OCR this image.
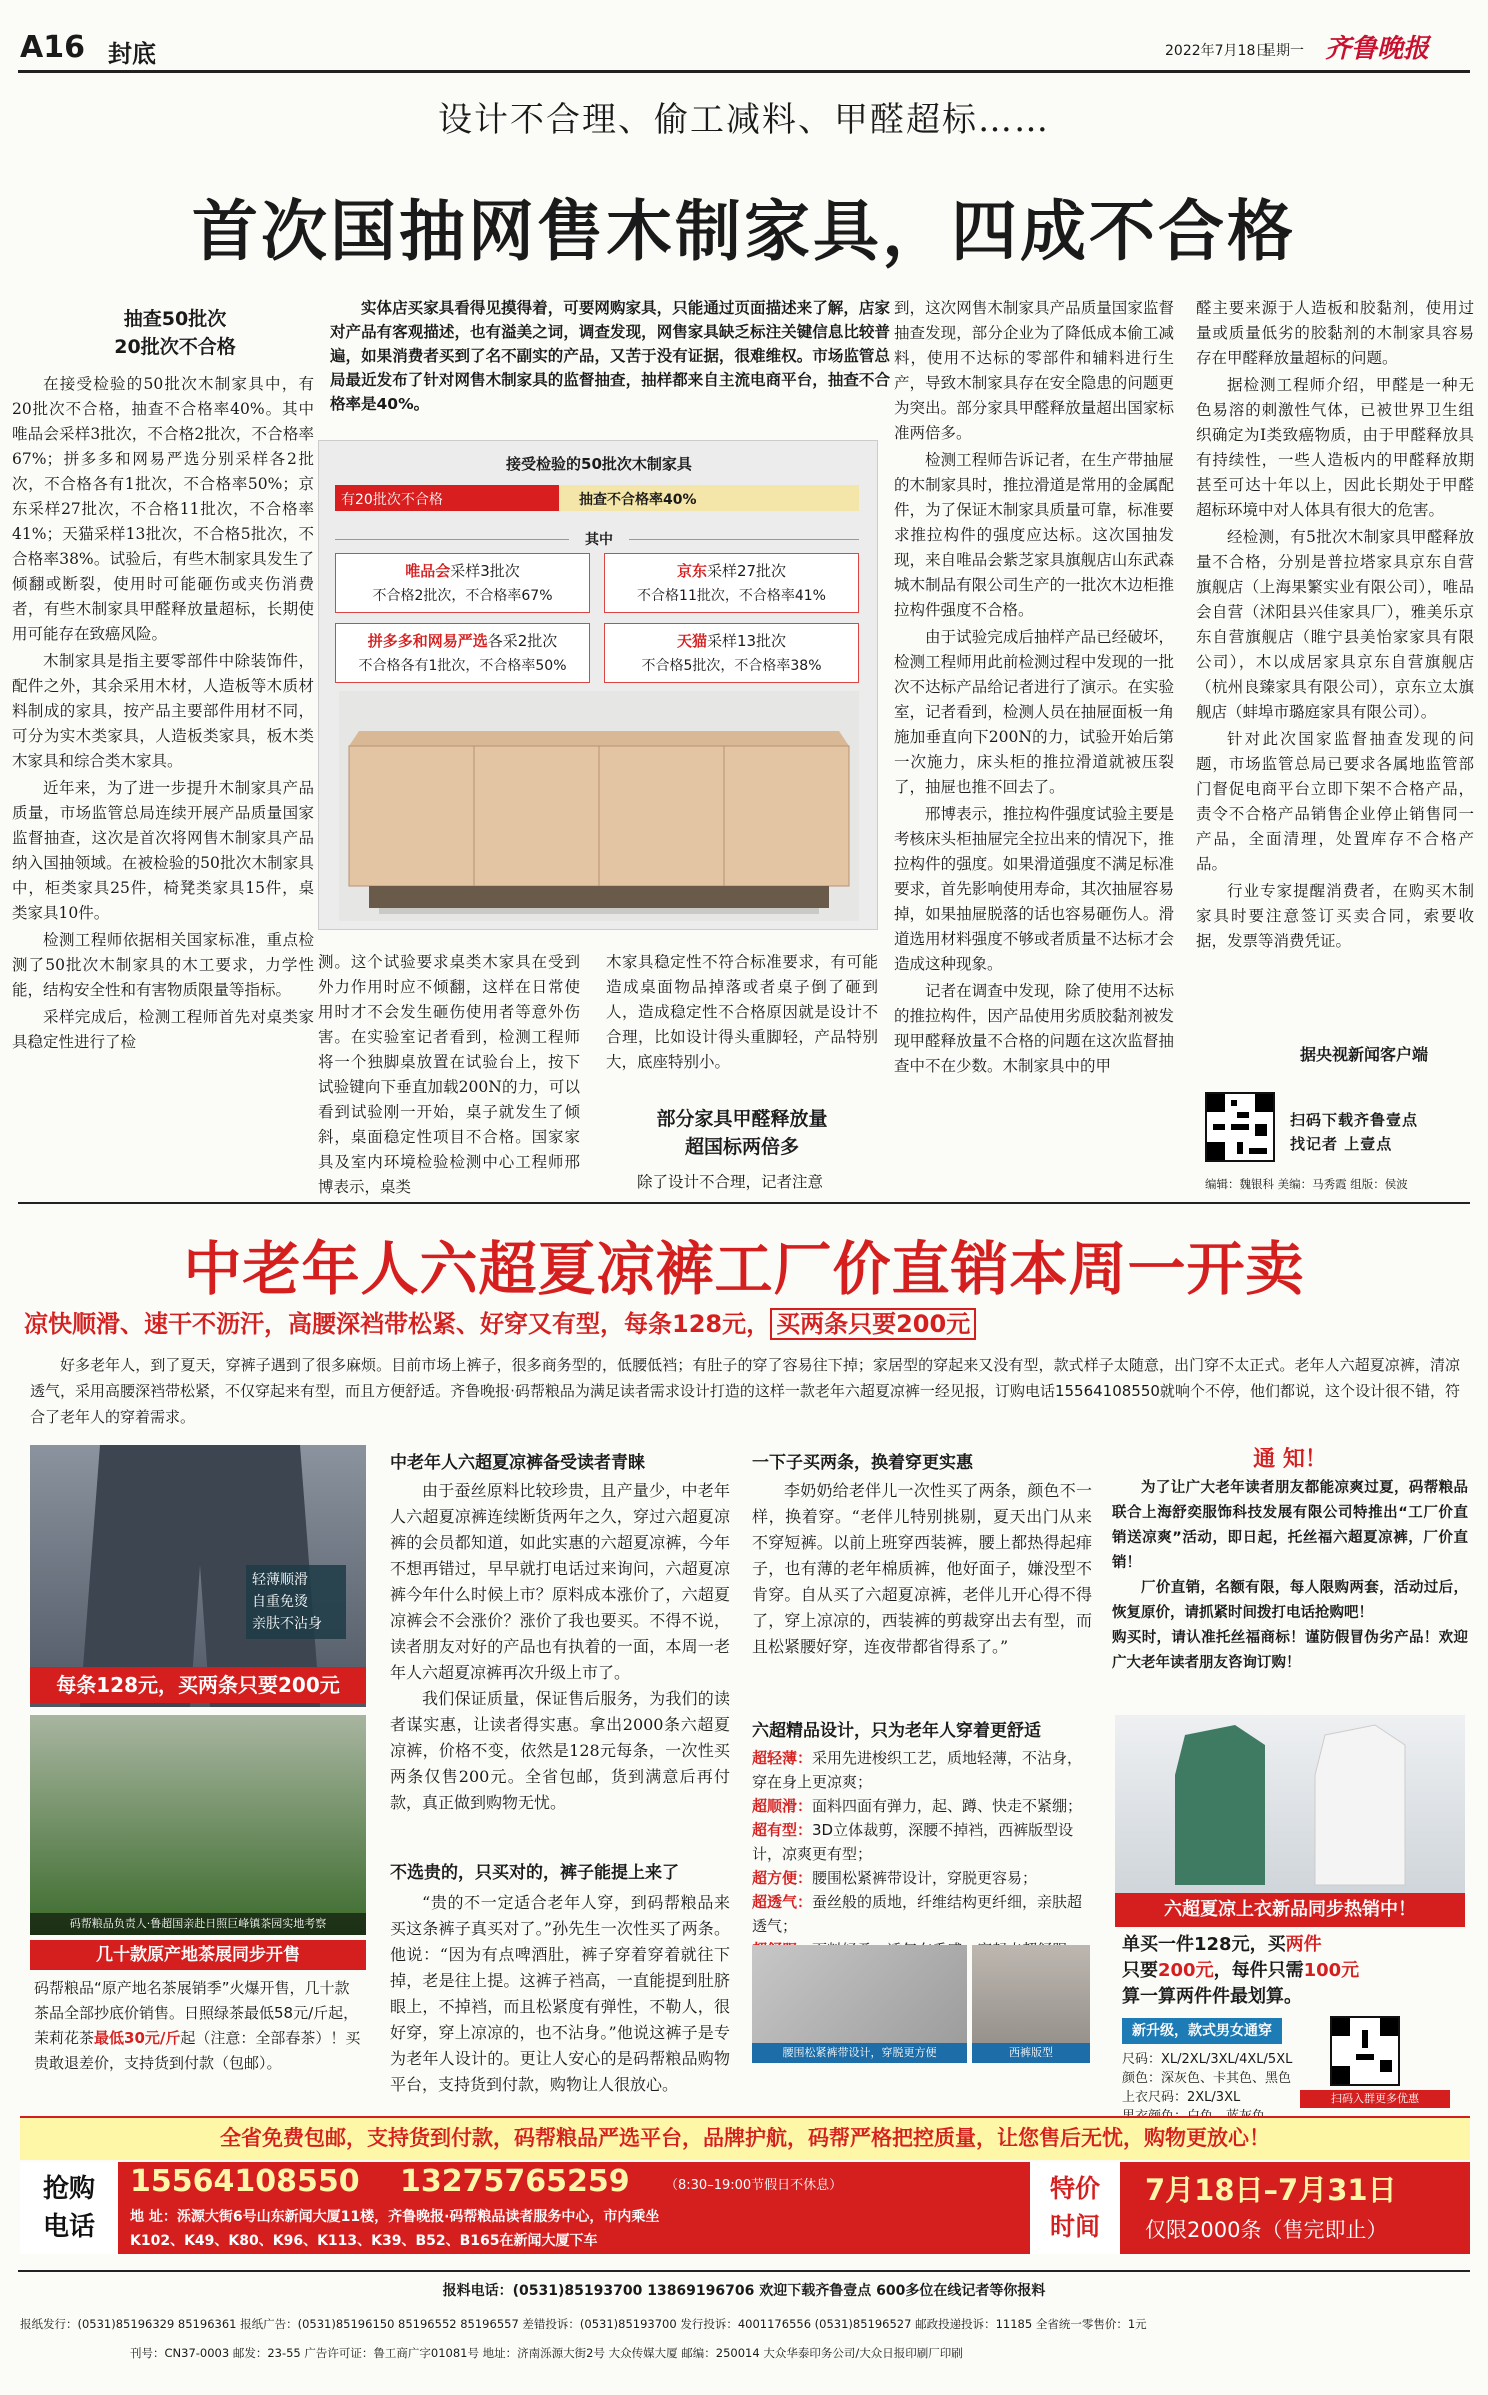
A16 封底	2022年7月18日
星期一 齐鲁晚报
设计不合理、偷工减料、甲醛超标……
首次国抽网售木制家具，四成不合格
抽查50批次
20批次不合格

在接受检验的50批次木制家具中，有20批次不合格，抽查不合格率40%。其中唯品会采样3批次，不合格2批次，不合格率67%；拼多多和网易严选分别采样各2批次，不合格各有1批次，不合格率50%；京东采样27批次，不合格11批次，不合格率41%；天猫采样13批次，不合格5批次，不合格率38%。试验后，有些木制家具发生了倾翻或断裂，使用时可能砸伤或夹伤消费者，有些木制家具甲醛释放量超标，长期使用可能存在致癌风险。

木制家具是指主要零部件中除装饰件，配件之外，其余采用木材，人造板等木质材料制成的家具，按产品主要部件用材不同，可分为实木类家具，人造板类家具，板木类木家具和综合类木家具。

近年来，为了进一步提升木制家具产品质量，市场监管总局连续开展产品质量国家监督抽查，这次是首次将网售木制家具产品纳入国抽领域。在被检验的50批次木制家具中，柜类家具25件，椅凳类家具15件，桌类家具10件。

检测工程师依据相关国家标准，重点检测了50批次木制家具的木工要求，力学性能，结构安全性和有害物质限量等指标。

采样完成后，检测工程师首先对桌类家具稳定性进行了检

实体店买家具看得见摸得着，可要网购家具，只能通过页面描述来了解，店家对产品有客观描述，也有溢美之词，调查发现，网售家具缺乏标注关键信息比较普遍，如果消费者买到了名不副实的产品，又苦于没有证据，很难维权。市场监管总局最近发布了针对网售木制家具的监督抽查，抽样都来自主流电商平台，抽查不合格率是40%。
接受检验的50批次木制家具
有20批次不合格	抽查不合格率40%
其中
唯品会采样3批次
不合格2批次，不合格率67%
京东采样27批次
不合格11批次，不合格率41%
拼多多和网易严选各采2批次
不合格各有1批次，不合格率50%
天猫采样13批次
不合格5批次，不合格率38%

测。这个试验要求桌类木家具在受到外力作用时应不倾翻，这样在日常使用时才不会发生砸伤使用者等意外伤害。在实验室记者看到，检测工程师将一个独脚桌放置在试验台上，按下试验键向下垂直加载200N的力，可以看到试验刚一开始，桌子就发生了倾斜，桌面稳定性项目不合格。国家家具及室内环境检验检测中心工程师邢博表示，桌类

木家具稳定性不符合标准要求，有可能造成桌面物品掉落或者桌子倒了砸到人，造成稳定性不合格原因就是设计不合理，比如设计得头重脚轻，产品特别大，底座特别小。

部分家具甲醛释放量
超国标两倍多

除了设计不合理，记者注意

到，这次网售木制家具产品质量国家监督抽查发现，部分企业为了降低成本偷工减料，使用不达标的零部件和辅料进行生产，导致木制家具存在安全隐患的问题更为突出。部分家具甲醛释放量超出国家标准两倍多。

检测工程师告诉记者，在生产带抽屉的木制家具时，推拉滑道是常用的金属配件，为了保证木制家具质量可靠，标准要求推拉构件的强度应达标。这次国抽发现，来自唯品会紫芝家具旗舰店山东武森城木制品有限公司生产的一批次木边柜推拉构件强度不合格。

由于试验完成后抽样产品已经破坏，检测工程师用此前检测过程中发现的一批次不达标产品给记者进行了演示。在实验室，记者看到，检测人员在抽屉面板一角施加垂直向下200N的力，试验开始后第一次施力，床头柜的推拉滑道就被压裂了，抽屉也推不回去了。

邢博表示，推拉构件强度试验主要是考核床头柜抽屉完全拉出来的情况下，推拉构件的强度。如果滑道强度不满足标准要求，首先影响使用寿命，其次抽屉容易掉，如果抽屉脱落的话也容易砸伤人。滑道选用材料强度不够或者质量不达标才会造成这种现象。

记者在调查中发现，除了使用不达标的推拉构件，因产品使用劣质胶黏剂被发现甲醛释放量不合格的问题在这次监督抽查中不在少数。木制家具中的甲

醛主要来源于人造板和胶黏剂，使用过量或质量低劣的胶黏剂的木制家具容易存在甲醛释放量超标的问题。

据检测工程师介绍，甲醛是一种无色易溶的刺激性气体，已被世界卫生组织确定为Ⅰ类致癌物质，由于甲醛释放具有持续性，一些人造板内的甲醛释放期甚至可达十年以上，因此长期处于甲醛超标环境中对人体具有很大的危害。

经检测，有5批次木制家具甲醛释放量不合格，分别是普拉塔家具京东自营旗舰店（上海果繁实业有限公司），唯品会自营（沭阳县兴佳家具厂），雅美乐京东自营旗舰店（睢宁县美怡家家具有限公司），木以成居家具京东自营旗舰店（杭州良臻家具有限公司），京东立太旗舰店（蚌埠市璐庭家具有限公司）。

针对此次国家监督抽查发现的问题，市场监管总局已要求各属地监管部门督促电商平台立即下架不合格产品，责令不合格产品销售企业停止销售同一产品，全面清理，处置库存不合格产品。

行业专家提醒消费者，在购买木制家具时要注意签订买卖合同，索要收据，发票等消费凭证。

据央视新闻客户端
扫码下载齐鲁壹点
找记者 上壹点
编辑：魏银科 美编：马秀霞 组版：侯波
中老年人六超夏凉裤工厂价直销本周一开卖
凉快顺滑、速干不沥汗，高腰深裆带松紧、好穿又有型，每条128元， 买两条只要200元

好多老年人，到了夏天，穿裤子遇到了很多麻烦。目前市场上裤子，很多商务型的，低腰低裆；有肚子的穿了容易往下掉；家居型的穿起来又没有型，款式样子太随意，出门穿不太正式。老年人六超夏凉裤，清凉透气，采用高腰深裆带松紧，不仅穿起来有型，而且方便舒适。齐鲁晚报·码帮粮品为满足读者需求设计打造的这样一款老年六超夏凉裤一经见报，订购电话15564108550就响个不停，他们都说，这个设计很不错，符合了老年人的穿着需求。

轻薄顺滑
自重免烫
亲肤不沾身
每条128元，买两条只要200元
码帮粮品负责人·鲁超国亲赴日照巨峰镇茶园实地考察
几十款原产地茶展同步开售
码帮粮品“原产地名茶展销季”火爆开售，几十款茶品全部抄底价销售。日照绿茶最低58元/斤起，茉莉花茶最低30元/斤起（注意：全部春茶）！买贵敢退差价，支持货到付款（包邮）。
中老年人六超夏凉裤备受读者青睐

由于蚕丝原料比较珍贵，且产量少，中老年人六超夏凉裤连续断货两年之久，穿过六超夏凉裤的会员都知道，如此实惠的六超夏凉裤，今年不想再错过，早早就打电话过来询问，六超夏凉裤今年什么时候上市？原料成本涨价了，六超夏凉裤会不会涨价？涨价了我也要买。不得不说，读者朋友对好的产品也有执着的一面，本周一老年人六超夏凉裤再次升级上市了。

我们保证质量，保证售后服务，为我们的读者谋实惠，让读者得实惠。拿出2000条六超夏凉裤，价格不变，依然是128元每条，一次性买两条仅售200元。全省包邮，货到满意后再付款，真正做到购物无忧。

不选贵的，只买对的，裤子能提上来了

“贵的不一定适合老年人穿，到码帮粮品来买这条裤子真买对了。”孙先生一次性买了两条。他说：“因为有点啤酒肚，裤子穿着穿着就往下掉，老是往上提。这裤子裆高，一直能提到肚脐眼上，不掉裆，而且松紧度有弹性，不勒人，很好穿，穿上凉凉的，也不沾身。”他说这裤子是专为老年人设计的。更让人安心的是码帮粮品购物平台，支持货到付款，购物让人很放心。

一下子买两条，换着穿更实惠

李奶奶给老伴儿一次性买了两条，颜色不一样，换着穿。“老伴儿特别挑剔，夏天出门从来不穿短裤。以前上班穿西装裤，腰上都热得起痱子，也有薄的老年棉质裤，他好面子，嫌没型不肯穿。自从买了六超夏凉裤，老伴儿开心得不得了，穿上凉凉的，西装裤的剪裁穿出去有型，而且松紧腰好穿，连夜带都省得系了。”

六超精品设计，只为老年人穿着更舒适
超轻薄：采用先进梭织工艺，质地轻薄，不沾身，穿在身上更凉爽；
超顺滑：面料四面有弹力，起、蹲、快走不紧绷；
超有型：3D立体裁剪，深腰不掉裆，西裤版型设计，凉爽更有型；
超方便：腰围松紧裤带设计，穿脱更容易；
超透气：蚕丝般的质地，纤维结构更纤细，亲肤超透气；
腰围松紧裤带设计，穿脱更方便	西裤版型
通 知！

为了让广大老年读者朋友都能凉爽过夏，码帮粮品联合上海舒奕服饰科技发展有限公司特推出“工厂价直销送凉爽”活动，即日起，托丝福六超夏凉裤，厂价直销！

厂价直销，名额有限，每人限购两套，活动过后，恢复原价，请抓紧时间拨打电话抢购吧！

购买时，请认准托丝福商标！谨防假冒伪劣产品！欢迎广大老年读者朋友咨询订购！

六超夏凉上衣新品同步热销中！
单买一件128元，买两件
只要200元，每件只需100元
算一算两件件最划算。
新升级，款式男女通穿
尺码：XL/2XL/3XL/4XL/5XL
颜色：深灰色、卡其色、黑色
上衣尺码：2XL/3XL	扫码入群更多优惠
全省免费包邮，支持货到付款，码帮粮品严选平台，品牌护航，码帮严格把控质量，让您售后无忧，购物更放心！
抢购
电话
15564108550 13275765259	（8:30–19:00节假日不休息）
地 址：泺源大街6号山东新闻大厦11楼，齐鲁晚报·码帮粮品读者服务中心，市内乘坐
K102、K49、K80、K96、K113、K39、B52、B165在新闻大厦下车
特价
时间
7月18日–7月31日
仅限2000条（售完即止）
报料电话：(0531)85193700 13869196706 欢迎下载齐鲁壹点 600多位在线记者等你报料
报纸发行：(0531)85196329 85196361 报纸广告：(0531)85196150 85196552 85196557 差错投诉：(0531)85193700 发行投诉：4001176556 (0531)85196527 邮政投递投诉：11185 全省统一零售价：1元
刊号：CN37-0003 邮发：23-55 广告许可证：鲁工商广字01081号 地址：济南泺源大街2号 大众传媒大厦 邮编：250014 大众华泰印务公司/大众日报印刷厂印刷
